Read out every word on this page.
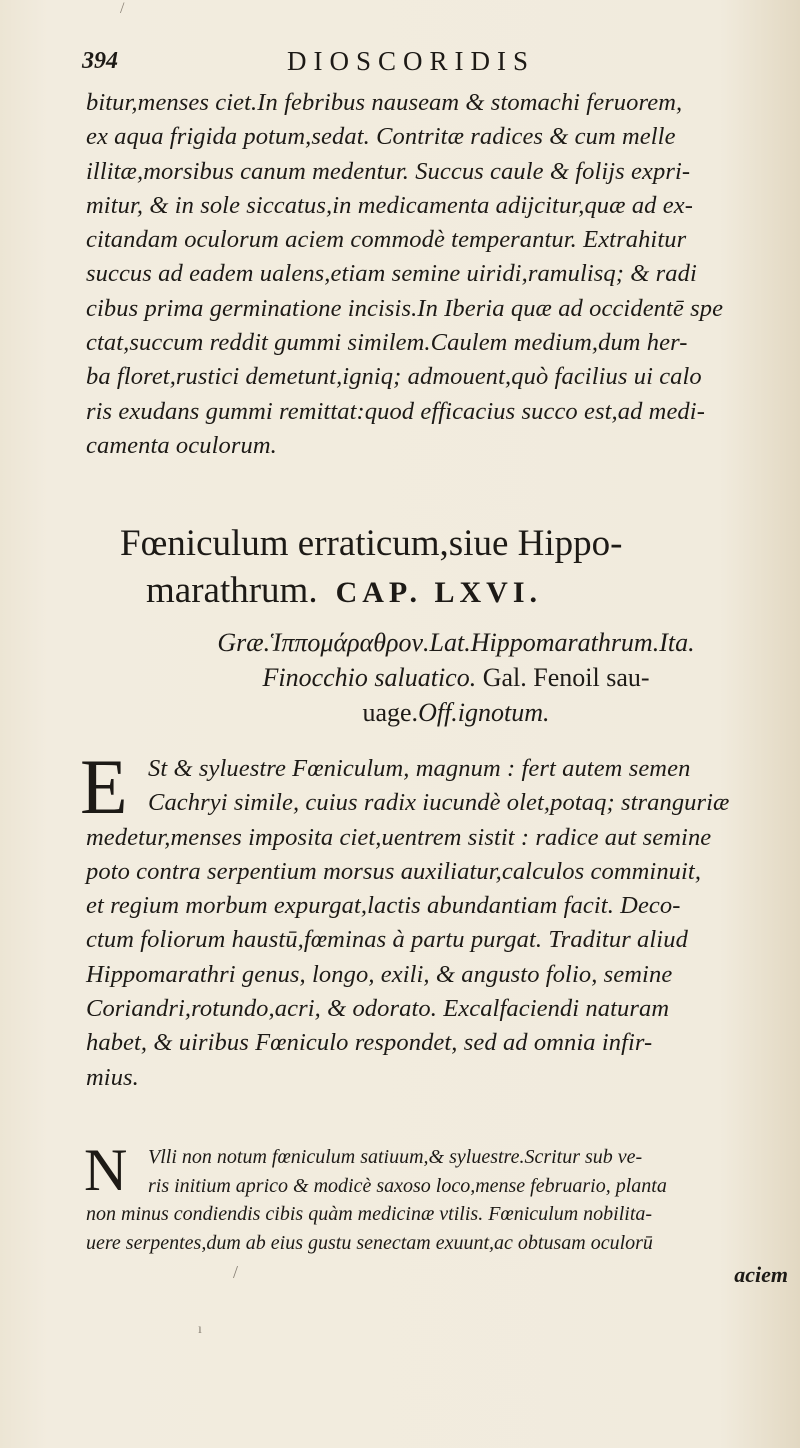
394	DIOSCORIDIS
bitur,menses ciet.In febribus nauseam & stomachi feruorem,
ex aqua frigida potum,sedat. Contritæ radices & cum melle
illitæ,morsibus canum medentur. Succus caule & folijs expri-
mitur, & in sole siccatus,in medicamenta adijcitur,quæ ad ex-
citandam oculorum aciem commodè temperantur. Extrahitur
succus ad eadem ualens,etiam semine uiridi,ramulisq; & radi
cibus prima germinatione incisis.In Iberia quæ ad occidentē spe
ctat,succum reddit gummi similem.Caulem medium,dum her-
ba floret,rustici demetunt,igniq; admouent,quò facilius ui calo
ris exudans gummi remittat:quod efficacius succo est,ad medi-
camenta oculorum.
Fœniculum erraticum,siue Hippo-
marathrum. CAP. LXVI.
Græ.Ἱππομάραθρον.Lat.Hippomarathrum.Ita.
Finocchio saluatico. Gal. Fenoil sau-
uage.Off.ignotum.
E St & syluestre Fœniculum, magnum : fert autem semen
Cachryi simile, cuius radix iucundè olet,potaq; stranguriæ
medetur,menses imposita ciet,uentrem sistit : radice aut semine
poto contra serpentium morsus auxiliatur,calculos comminuit,
et regium morbum expurgat,lactis abundantiam facit. Deco-
ctum foliorum haustū,fœminas à partu purgat. Traditur aliud
Hippomarathri genus, longo, exili, & angusto folio, semine
Coriandri,rotundo,acri, & odorato. Excalfaciendi naturam
habet, & uiribus Fœniculo respondet, sed ad omnia infir-
mius.
N	Vlli non notum fœniculum satiuum,& syluestre.Scritur sub ve-
ris initium aprico & modicè saxoso loco,mense februario, planta
non minus condiendis cibis quàm medicinæ vtilis. Fœniculum nobilita-
uere serpentes,dum ab eius gustu senectam exuunt,ac obtusam oculorū
aciem
/
ı
/
